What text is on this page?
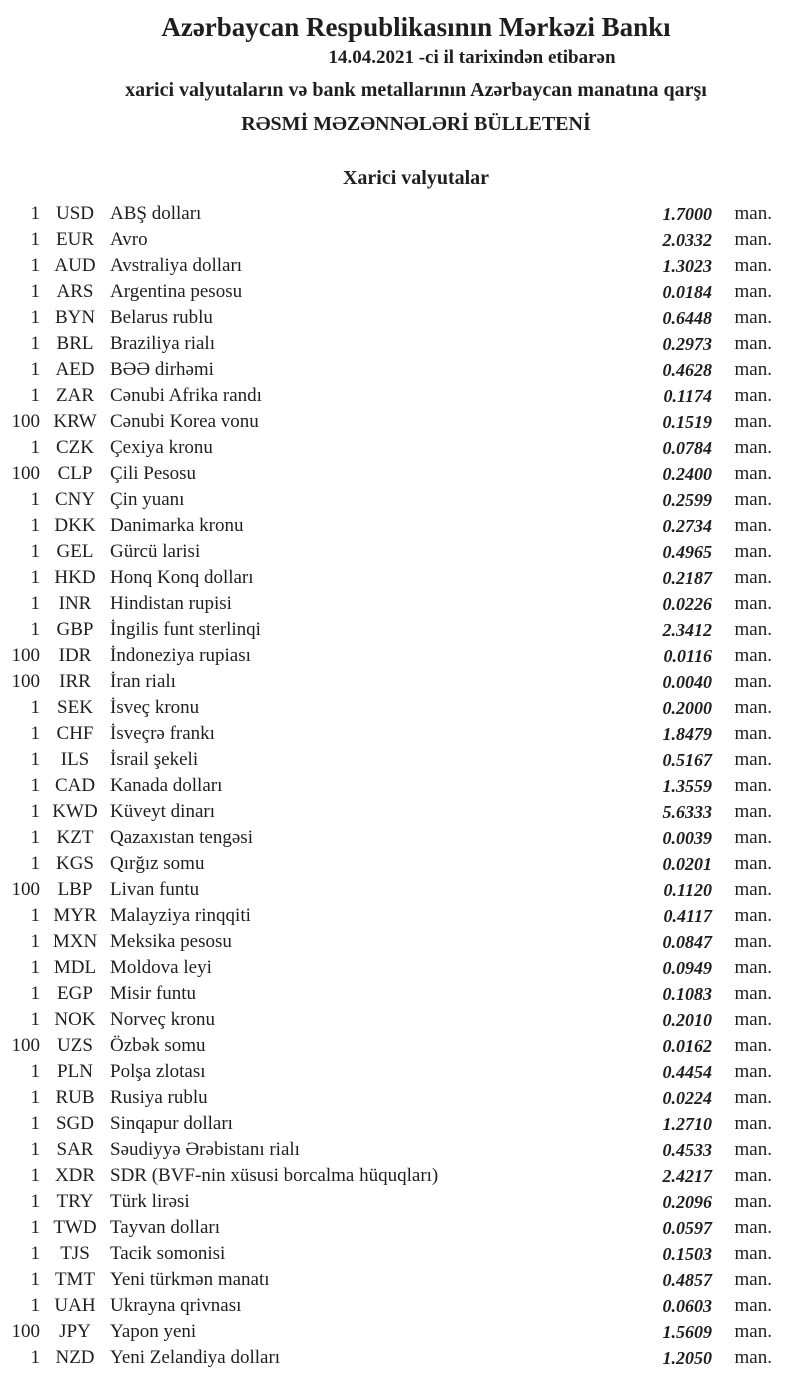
Azərbaycan Respublikasının Mərkəzi Bankı
14.04.2021 -ci il tarixindən etibarən
xarici valyutaların və bank metallarının Azərbaycan manatına qarşı
RƏSMİ MƏZƏNNƏLƏRİ BÜLLETENİ
Xarici valyutalar
1 USD ABŞ dolları	1.7000	man.
1 EUR Avro	2.0332	man.
1 AUD Avstraliya dolları	1.3023	man.
1 ARS Argentina pesosu	0.0184	man.
1 BYN Belarus rublu	0.6448	man.
1 BRL Braziliya rialı	0.2973	man.
1 AED BƏƏ dirhəmi	0.4628	man.
1 ZAR Cənubi Afrika randı	0.1174	man.
100 KRW Cənubi Korea vonu	0.1519	man.
1 CZK Çexiya kronu	0.0784	man.
100 CLP Çili Pesosu	0.2400	man.
1 CNY Çin yuanı	0.2599	man.
1 DKK Danimarka kronu	0.2734	man.
1 GEL Gürcü larisi	0.4965	man.
1 HKD Honq Konq dolları	0.2187	man.
1 INR Hindistan rupisi	0.0226	man.
1 GBP İngilis funt sterlinqi	2.3412	man.
100 IDR İndoneziya rupiası	0.0116	man.
100	IRR	İran rialı	0.0040	man.
1 SEK İsveç kronu	0.2000	man.
1 CHF İsveçrə frankı	1.8479	man.
1	ILS	İsrail şekeli	0.5167	man.
1 CAD Kanada dolları	1.3559	man.
1 KWD Küveyt dinarı	5.6333	man.
1 KZT Qazaxıstan tengəsi	0.0039	man.
1 KGS Qırğız somu	0.0201	man.
100 LBP Livan funtu	0.1120	man.
1 MYR Malayziya rinqqiti	0.4117	man.
1 MXN Meksika pesosu	0.0847	man.
1 MDL Moldova leyi	0.0949	man.
1 EGP Misir funtu	0.1083	man.
1 NOK Norveç kronu	0.2010	man.
100 UZS Özbək somu	0.0162	man.
1 PLN Polşa zlotası	0.4454	man.
1 RUB Rusiya rublu	0.0224	man.
1 SGD Sinqapur dolları	1.2710	man.
1 SAR Səudiyyə Ərəbistanı rialı	0.4533	man.
1 XDR SDR (BVF-nin xüsusi borcalma hüquqları)	2.4217	man.
1 TRY Türk lirəsi	0.2096	man.
1 TWD Tayvan dolları	0.0597	man.
1	TJS	Tacik somonisi	0.1503	man.
1 TMT Yeni türkmən manatı	0.4857	man.
1 UAH Ukrayna qrivnası	0.0603	man.
100	JPY	Yapon yeni	1.5609	man.
1 NZD Yeni Zelandiya dolları	1.2050	man.
